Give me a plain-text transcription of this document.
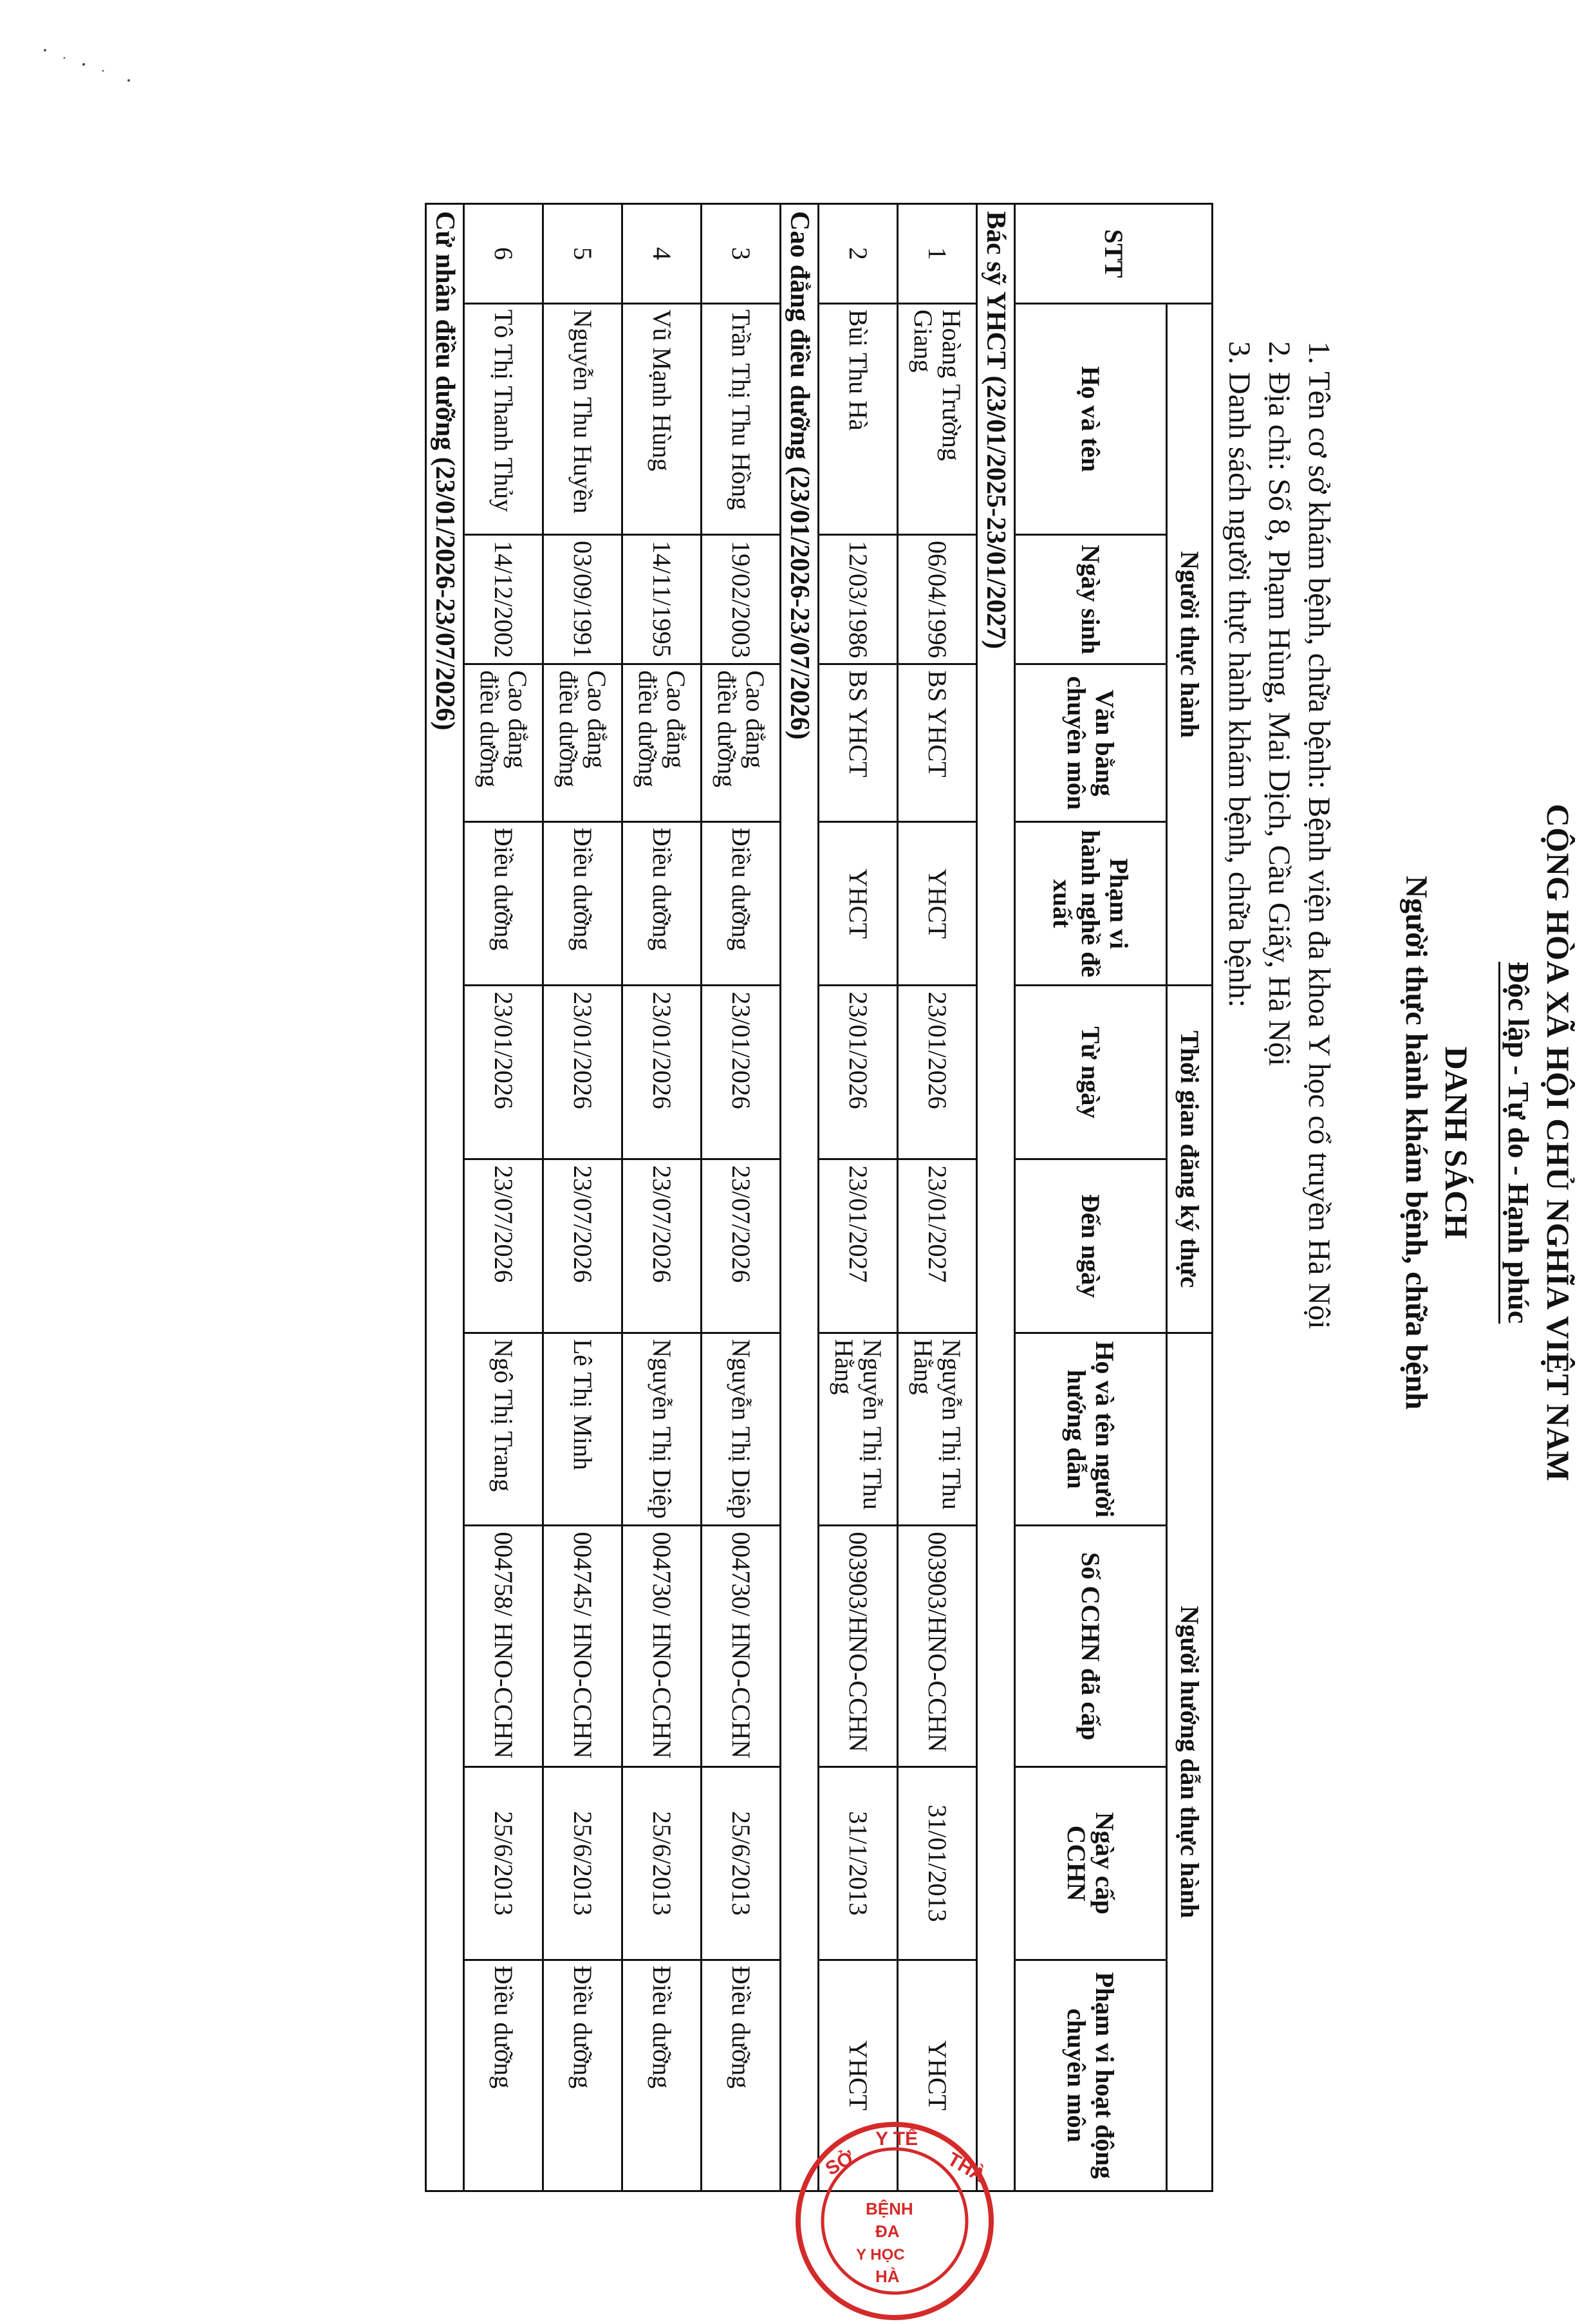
CỘNG HÒA XÃ HỘI CHỦ NGHĨA VIỆT NAM
Độc lập - Tự do - Hạnh phúc
DANH SÁCH
Người thực hành khám bệnh, chữa bệnh
1. Tên cơ sở khám bệnh, chữa bệnh: Bệnh viện đa khoa Y học cổ truyền Hà Nội
2. Địa chỉ: Số 8, Phạm Hùng, Mai Dịch, Cầu Giấy, Hà Nội
3. Danh sách người thực hành khám bệnh, chữa bệnh:
STT	Người thực hành				Thời gian đăng ký thực		Người hướng dẫn thực hành			
	Họ và tên	Ngày sinh	Văn bằng chuyên môn	Phạm vi hành nghề đề xuất	Từ ngày	Đến ngày	Họ và tên người hướng dẫn	Số CCHN đã cấp	Ngày cấp CCHN	Phạm vi hoạt động chuyên môn
Bác sỹ YHCT (23/01/2025-23/01/2027)										
1	Hoàng Trường Giang	06/04/1996	BS YHCT	YHCT	23/01/2026	23/01/2027	Nguyễn Thị Thu Hằng	003903/HNO-CCHN	31/01/2013	YHCT
2	Bùi Thu Hà	12/03/1986	BS YHCT	YHCT	23/01/2026	23/01/2027	Nguyễn Thị Thu Hằng	003903/HNO-CCHN	31/1/2013	YHCT
Cao đẳng điều dưỡng (23/01/2026-23/07/2026)										
3	Trần Thị Thu Hồng	19/02/2003	Cao đẳng điều dưỡng	Điều dưỡng	23/01/2026	23/07/2026	Nguyễn Thị Diệp	004730/ HNO-CCHN	25/6/2013	Điều dưỡng
4	Vũ Mạnh Hùng	14/11/1995	Cao đẳng điều dưỡng	Điều dưỡng	23/01/2026	23/07/2026	Nguyễn Thị Diệp	004730/ HNO-CCHN	25/6/2013	Điều dưỡng
5	Nguyễn Thu Huyền	03/09/1991	Cao đẳng điều dưỡng	Điều dưỡng	23/01/2026	23/07/2026	Lê Thị Minh	004745/ HNO-CCHN	25/6/2013	Điều dưỡng
6	Tô Thị Thanh Thủy	14/12/2002	Cao đẳng điều dưỡng	Điều dưỡng	23/01/2026	23/07/2026	Ngô Thị Trang	004758/ HNO-CCHN	25/6/2013	Điều dưỡng
Cử nhân điều dưỡng (23/01/2026-23/07/2026)										
SỞ
Y TẾ
THÀ
BỆNH
ĐA
Y HỌC
HÀ
